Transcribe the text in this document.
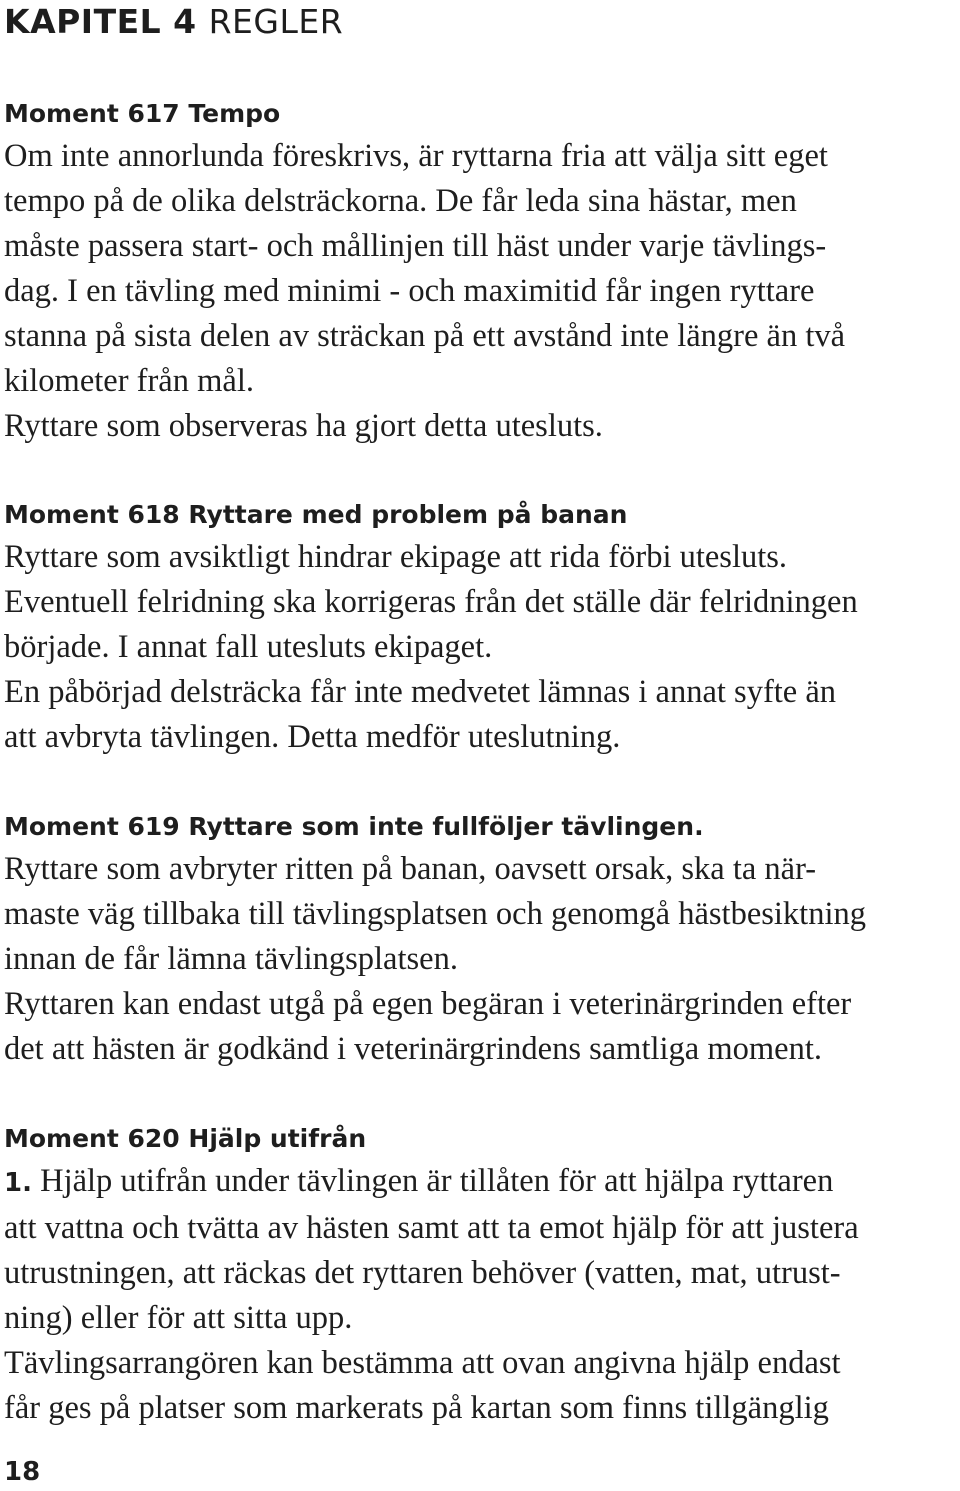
KAPITEL 4 REGLER
Moment 617 Tempo

Om inte annorlunda föreskrivs, är ryttarna fria att välja sitt eget

tempo på de olika delsträckorna. De får leda sina hästar, men

måste passera start- och mållinjen till häst under varje tävlings-

dag. I en tävling med minimi - och maximitid får ingen ryttare

stanna på sista delen av sträckan på ett avstånd inte längre än två

kilometer från mål.

Ryttare som observeras ha gjort detta utesluts.

Moment 618 Ryttare med problem på banan

Ryttare som avsiktligt hindrar ekipage att rida förbi utesluts.

Eventuell felridning ska korrigeras från det ställe där felridningen

började. I annat fall utesluts ekipaget.

En påbörjad delsträcka får inte medvetet lämnas i annat syfte än

att avbryta tävlingen. Detta medför uteslutning.

Moment 619 Ryttare som inte fullföljer tävlingen.

Ryttare som avbryter ritten på banan, oavsett orsak, ska ta när-

maste väg tillbaka till tävlingsplatsen och genomgå hästbesiktning

innan de får lämna tävlingsplatsen.

Ryttaren kan endast utgå på egen begäran i veterinärgrinden efter

det att hästen är godkänd i veterinärgrindens samtliga moment.

Moment 620 Hjälp utifrån

1. Hjälp utifrån under tävlingen är tillåten för att hjälpa ryttaren

att vattna och tvätta av hästen samt att ta emot hjälp för att justera

utrustningen, att räckas det ryttaren behöver (vatten, mat, utrust-

ning) eller för att sitta upp.

Tävlingsarrangören kan bestämma att ovan angivna hjälp endast

får ges på platser som markerats på kartan som finns tillgänglig

18
